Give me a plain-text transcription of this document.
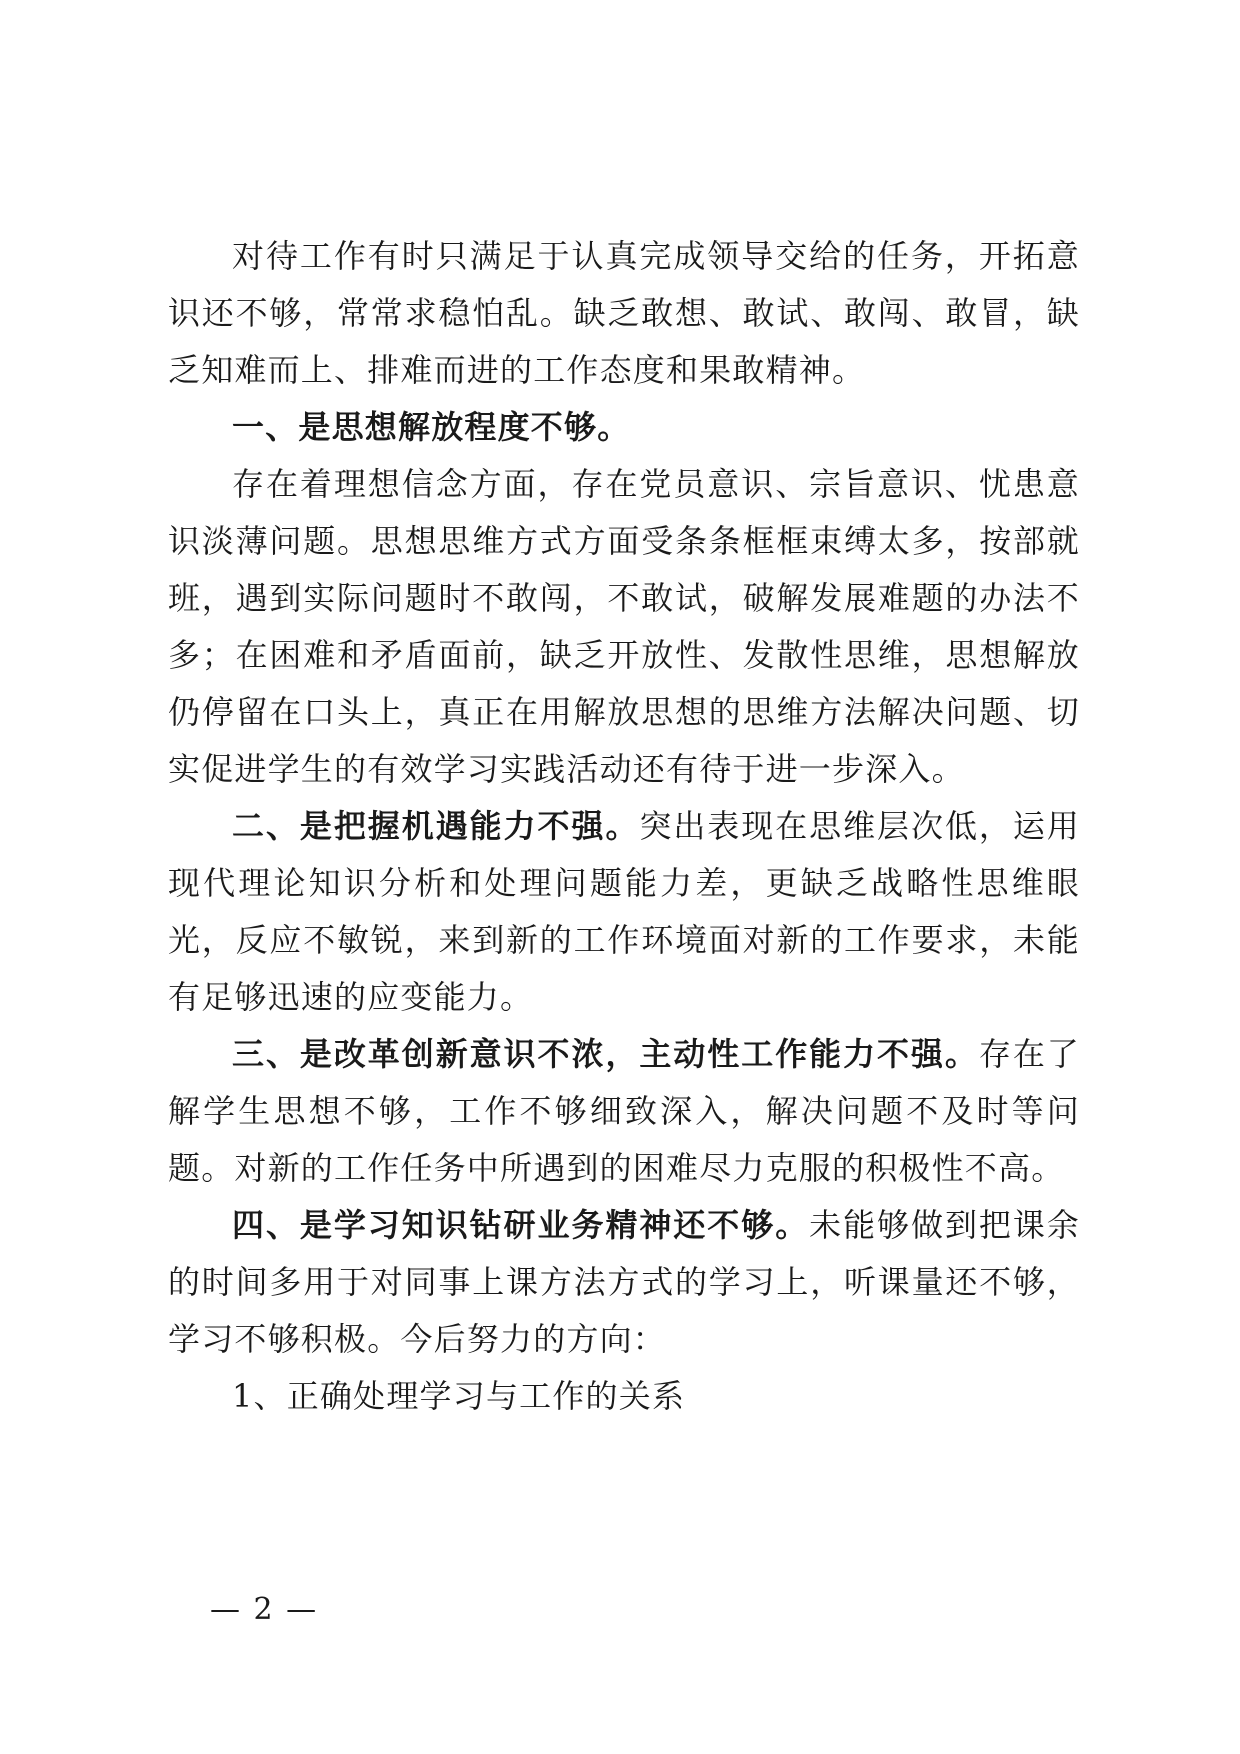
对待工作有时只满足于认真完成领导交给的任务，开拓意识还不够，常常求稳怕乱。缺乏敢想、敢试、敢闯、敢冒，缺乏知难而上、排难而进的工作态度和果敢精神。

一、是思想解放程度不够。

存在着理想信念方面，存在党员意识、宗旨意识、忧患意识淡薄问题。思想思维方式方面受条条框框束缚太多，按部就班，遇到实际问题时不敢闯，不敢试，破解发展难题的办法不多；在困难和矛盾面前，缺乏开放性、发散性思维，思想解放仍停留在口头上，真正在用解放思想的思维方法解决问题、切实促进学生的有效学习实践活动还有待于进一步深入。

二、是把握机遇能力不强。突出表现在思维层次低，运用现代理论知识分析和处理问题能力差，更缺乏战略性思维眼光，反应不敏锐，来到新的工作环境面对新的工作要求，未能有足够迅速的应变能力。

三、是改革创新意识不浓，主动性工作能力不强。存在了解学生思想不够，工作不够细致深入，解决问题不及时等问题。对新的工作任务中所遇到的困难尽力克服的积极性不高。

四、是学习知识钻研业务精神还不够。未能够做到把课余的时间多用于对同事上课方法方式的学习上，听课量还不够，学习不够积极。今后努力的方向：

1、正确处理学习与工作的关系

— 2 —
